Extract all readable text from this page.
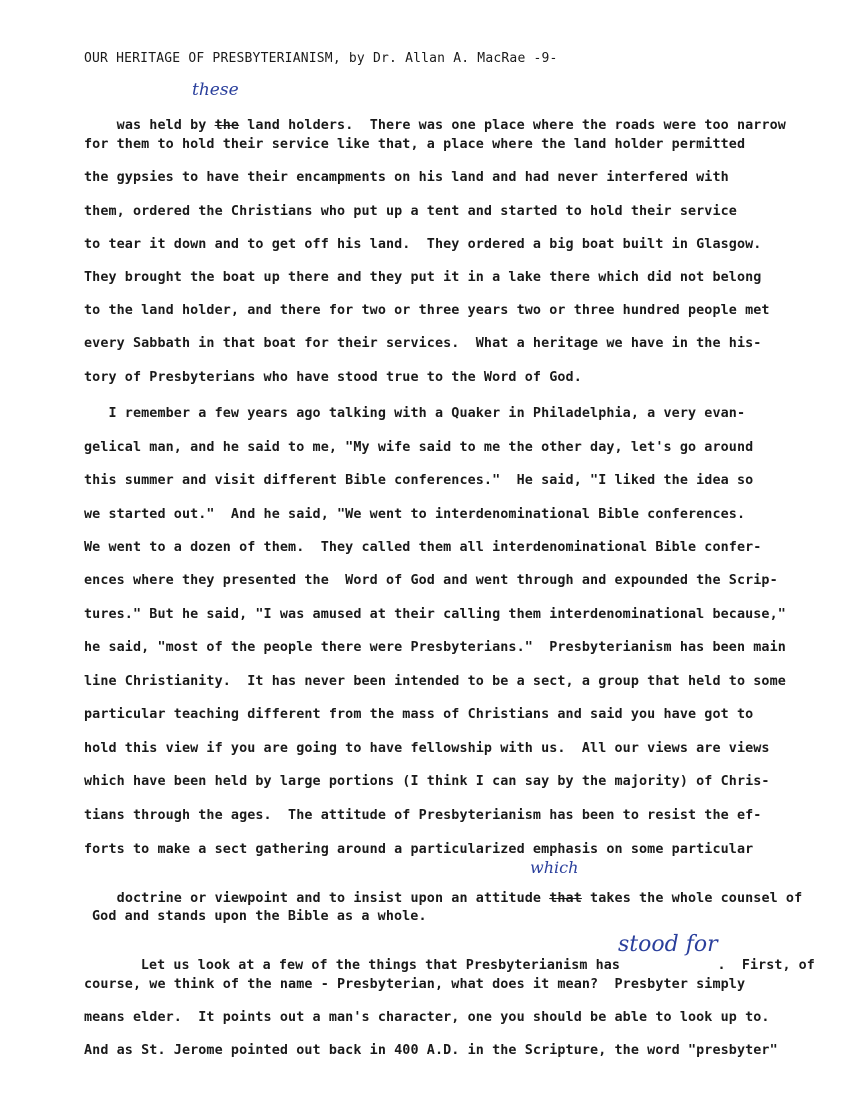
OUR HERITAGE OF PRESBYTERIANISM, by Dr. Allan A. MacRae -9-
these
which
stood for

was held by the land holders.  There was one place where the roads were too narrow

for them to hold their service like that, a place where the land holder permitted
the gypsies to have their encampments on his land and had never interfered with
them, ordered the Christians who put up a tent and started to hold their service
to tear it down and to get off his land.  They ordered a big boat built in Glasgow.
They brought the boat up there and they put it in a lake there which did not belong
to the land holder, and there for two or three years two or three hundred people met
every Sabbath in that boat for their services.  What a heritage we have in the his-
tory of Presbyterians who have stood true to the Word of God.
I remember a few years ago talking with a Quaker in Philadelphia, a very evan-
gelical man, and he said to me, "My wife said to me the other day, let's go around
this summer and visit different Bible conferences."  He said, "I liked the idea so
we started out."  And he said, "We went to interdenominational Bible conferences.
We went to a dozen of them.  They called them all interdenominational Bible confer-
ences where they presented the  Word of God and went through and expounded the Scrip-
tures." But he said, "I was amused at their calling them interdenominational because,"
he said, "most of the people there were Presbyterians."  Presbyterianism has been main
line Christianity.  It has never been intended to be a sect, a group that held to some
particular teaching different from the mass of Christians and said you have got to
hold this view if you are going to have fellowship with us.  All our views are views
which have been held by large portions (I think I can say by the majority) of Chris-
tians through the ages.  The attitude of Presbyterianism has been to resist the ef-
forts to make a sect gathering around a particularized emphasis on some particular

doctrine or viewpoint and to insist upon an attitude that takes the whole counsel of

God and stands upon the Bible as a whole.

Let us look at a few of the things that Presbyterianism has	.  First, of

course, we think of the name - Presbyterian, what does it mean?  Presbyter simply
means elder.  It points out a man's character, one you should be able to look up to.
And as St. Jerome pointed out back in 400 A.D. in the Scripture, the word "presbyter"
